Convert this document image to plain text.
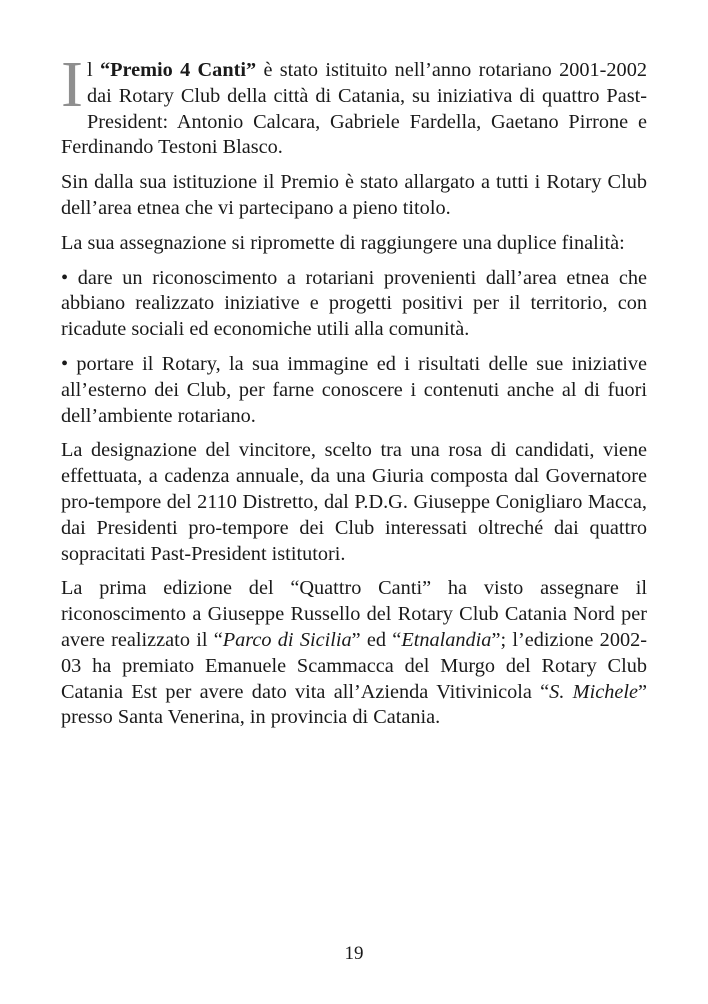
Il “Premio 4 Canti” è stato istituito nell’anno rotariano 2001-2002 dai Rotary Club della città di Catania, su iniziativa di quattro Past-President: Antonio Calcara, Gabriele Fardella, Gaetano Pirrone e Ferdinando Testoni Blasco.

Sin dalla sua istituzione il Premio è stato allargato a tutti i Rotary Club dell’area etnea che vi partecipano a pieno titolo.

La sua assegnazione si ripromette di raggiungere una duplice finalità:

• dare un riconoscimento a rotariani provenienti dall’area etnea che abbiano realizzato iniziative e progetti positivi per il territorio, con ricadute sociali ed economiche utili alla comunità.

• portare il Rotary, la sua immagine ed i risultati delle sue iniziative all’esterno dei Club, per farne conoscere i contenuti anche al di fuori dell’ambiente rotariano.

La designazione del vincitore, scelto tra una rosa di candidati, viene effettuata, a cadenza annuale, da una Giuria composta dal Governatore pro-tempore del 2110 Distretto, dal P.D.G. Giuseppe Conigliaro Macca, dai Presidenti pro-tempore dei Club interessati oltreché dai quattro sopracitati Past-President istitutori.

La prima edizione del “Quattro Canti” ha visto assegnare il riconoscimento a Giuseppe Russello del Rotary Club Catania Nord per avere realizzato il “Parco di Sicilia” ed “Etnalandia”; l’edizione 2002-03 ha premiato Emanuele Scammacca del Murgo del Rotary Club Catania Est per avere dato vita all’Azienda Vitivinicola “S. Michele” presso Santa Venerina, in provincia di Catania.

19
